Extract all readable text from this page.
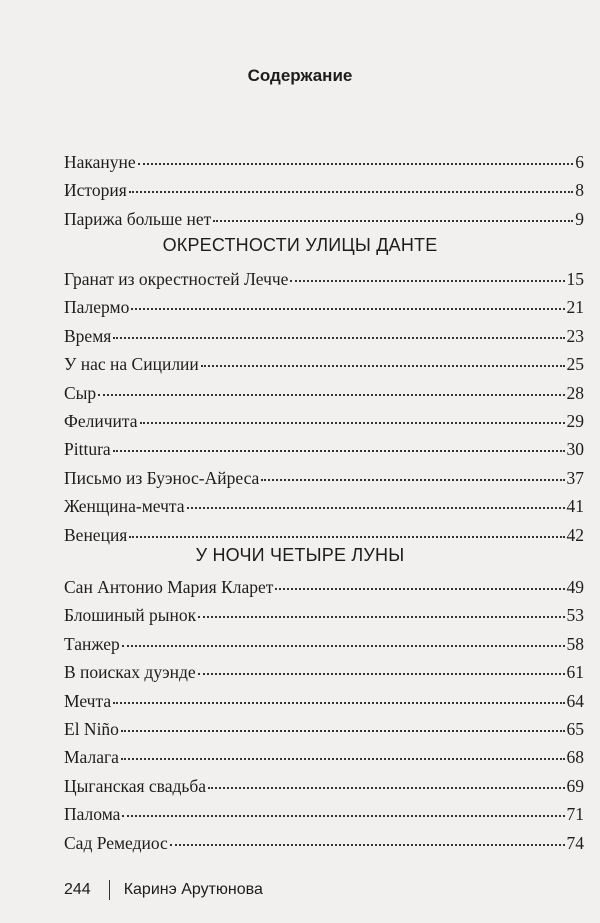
Содержание
Накануне	6
История	8
Парижа больше нет	9
ОКРЕСТНОСТИ УЛИЦЫ ДАНТЕ
Гранат из окрестностей Лечче	15
Палермо	21
Время	23
У нас на Сицилии	25
Сыр	28
Феличита	29
Pittura	30
Письмо из Буэнос-Айреса	37
Женщина-мечта	41
Венеция	42
У НОЧИ ЧЕТЫРЕ ЛУНЫ
Сан Антонио Мария Кларет	49
Блошиный рынок	53
Танжер	58
В поисках дуэнде	61
Мечта	64
El Niño	65
Малага	68
Цыганская свадьба	69
Палома	71
Сад Ремедиос	74
244 Каринэ Арутюнова
